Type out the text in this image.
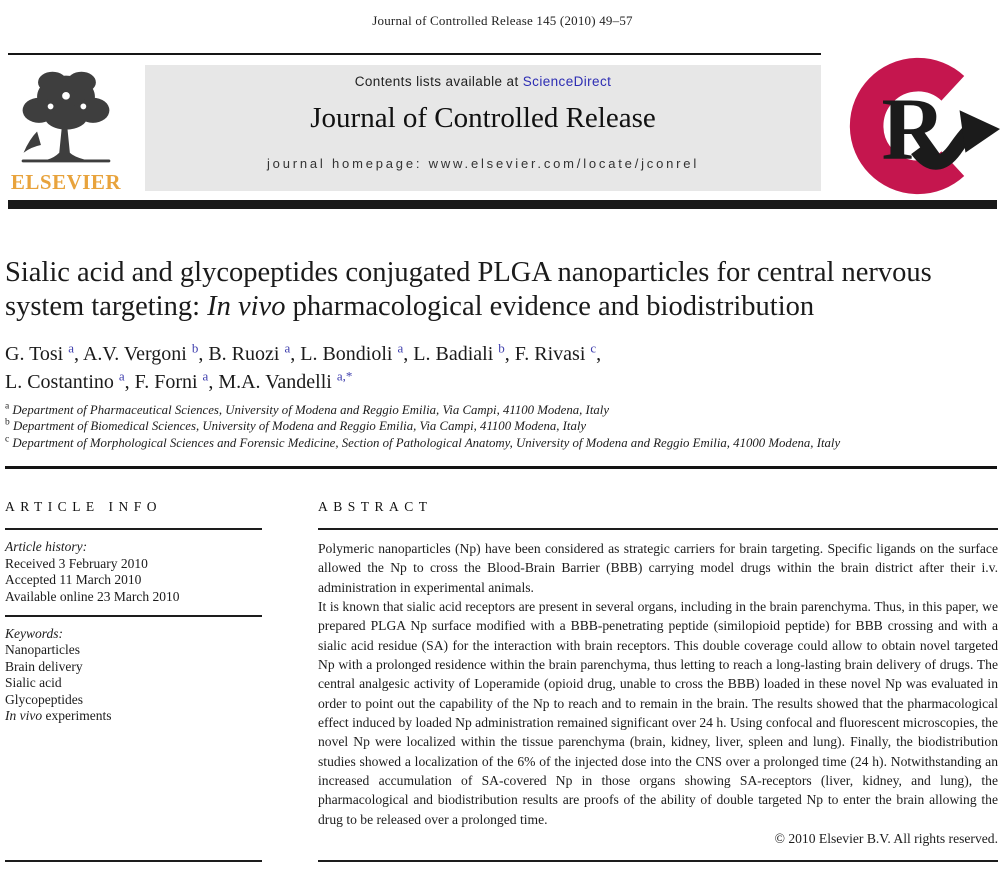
Journal of Controlled Release 145 (2010) 49–57
ELSEVIER
Contents lists available at ScienceDirect
Journal of Controlled Release
journal homepage: www.elsevier.com/locate/jconrel	R
Sialic acid and glycopeptides conjugated PLGA nanoparticles for central nervous
system targeting: In vivo pharmacological evidence and biodistribution
G. Tosi $^a$, A.V. Vergoni $^b$, B. Ruozi $^a$, L. Bondioli $^a$, L. Badiali $^b$, F. Rivasi $^c$,
L. Costantino $^a$, F. Forni $^a$, M.A. Vandelli $^{a,*}$
$^a$ Department of Pharmaceutical Sciences, University of Modena and Reggio Emilia, Via Campi, 41100 Modena, Italy
$^b$ Department of Biomedical Sciences, University of Modena and Reggio Emilia, Via Campi, 41100 Modena, Italy
$^c$ Department of Morphological Sciences and Forensic Medicine, Section of Pathological Anatomy, University of Modena and Reggio Emilia, 41000 Modena, Italy
ARTICLE INFO
Article history:
Received 3 February 2010
Accepted 11 March 2010
Available online 23 March 2010
Keywords:
Nanoparticles
Brain delivery
Sialic acid
Glycopeptides
In vivo experiments
ABSTRACT

Polymeric nanoparticles (Np) have been considered as strategic carriers for brain targeting. Specific ligands on the surface allowed the Np to cross the Blood-Brain Barrier (BBB) carrying model drugs within the brain district after their i.v. administration in experimental animals.

It is known that sialic acid receptors are present in several organs, including in the brain parenchyma. Thus, in this paper, we prepared PLGA Np surface modified with a BBB-penetrating peptide (similopioid peptide) for BBB crossing and with a sialic acid residue (SA) for the interaction with brain receptors. This double coverage could allow to obtain novel targeted Np with a prolonged residence within the brain parenchyma, thus letting to reach a long-lasting brain delivery of drugs. The central analgesic activity of Loperamide (opioid drug, unable to cross the BBB) loaded in these novel Np was evaluated in order to point out the capability of the Np to reach and to remain in the brain. The results showed that the pharmacological effect induced by loaded Np administration remained significant over 24 h. Using confocal and fluorescent microscopies, the novel Np were localized within the tissue parenchyma (brain, kidney, liver, spleen and lung). Finally, the biodistribution studies showed a localization of the 6% of the injected dose into the CNS over a prolonged time (24 h). Notwithstanding an increased accumulation of SA-covered Np in those organs showing SA-receptors (liver, kidney, and lung), the pharmacological and biodistribution results are proofs of the ability of double targeted Np to enter the brain allowing the drug to be released over a prolonged time.

© 2010 Elsevier B.V. All rights reserved.
